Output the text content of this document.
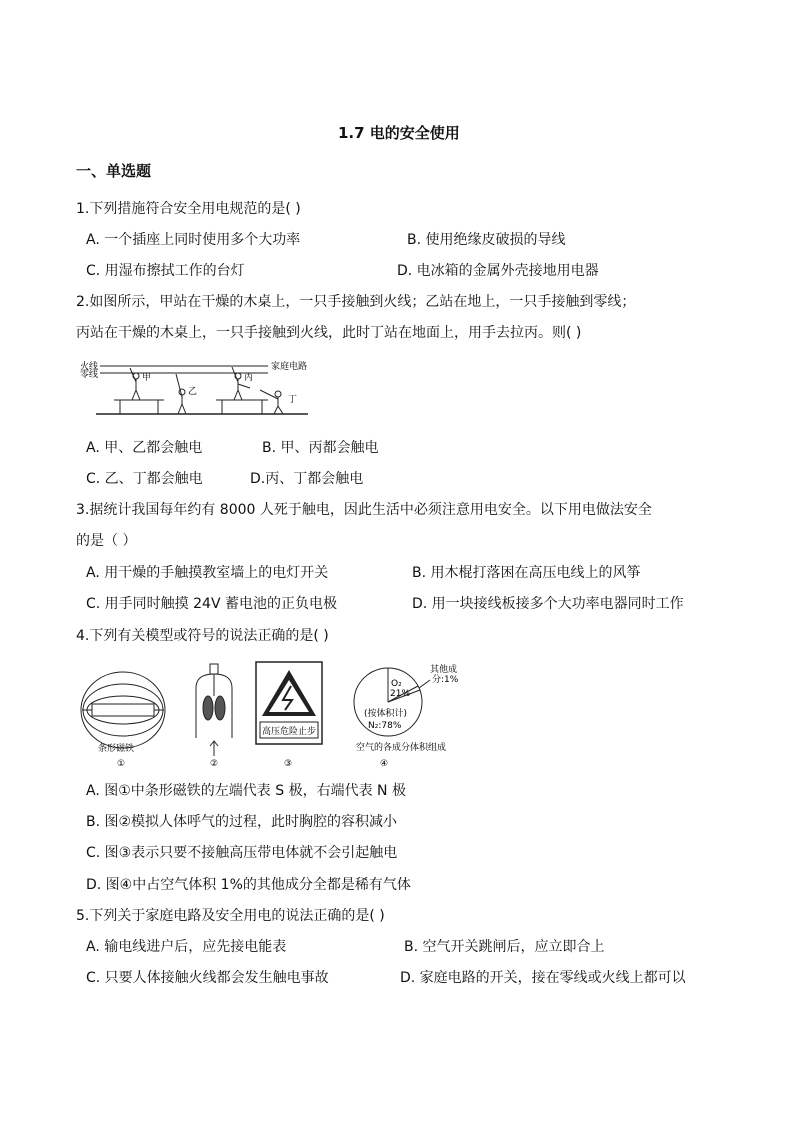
1.7 电的安全使用
一、单选题
1.下列措施符合安全用电规范的是( )
A. 一个插座上同时使用多个大功率	B. 使用绝缘皮破损的导线
C. 用湿布擦拭工作的台灯	D. 电冰箱的金属外壳接地用电器
2.如图所示，甲站在干燥的木桌上，一只手接触到火线；乙站在地上，一只手接触到零线；
丙站在干燥的木桌上，一只手接触到火线，此时丁站在地面上，用手去拉丙。则( )
火线
零线
家庭电路
甲
乙
丙
丁
A. 甲、乙都会触电	B. 甲、丙都会触电
C. 乙、丁都会触电	D.丙、丁都会触电
3.据统计我国每年约有 8000 人死于触电，因此生活中必须注意用电安全。以下用电做法安全
的是（ ）
A. 用干燥的手触摸教室墙上的电灯开关	B. 用木棍打落困在高压电线上的风筝
C. 用手同时触摸 24V 蓄电池的正负电极	D. 用一块接线板接多个大功率电器同时工作
4.下列有关模型或符号的说法正确的是( )
条形磁铁
①	②
高压危险止步
③
O₂
21%
其他成
分:1%
(按体积计)
N₂:78%
空气的各成分体积组成
④
A. 图①中条形磁铁的左端代表 S 极，右端代表 N 极
B. 图②模拟人体呼气的过程，此时胸腔的容积减小
C. 图③表示只要不接触高压带电体就不会引起触电
D. 图④中占空气体积 1%的其他成分全都是稀有气体
5.下列关于家庭电路及安全用电的说法正确的是( )
A. 输电线进户后，应先接电能表	B. 空气开关跳闸后，应立即合上
C. 只要人体接触火线都会发生触电事故	D. 家庭电路的开关，接在零线或火线上都可以
